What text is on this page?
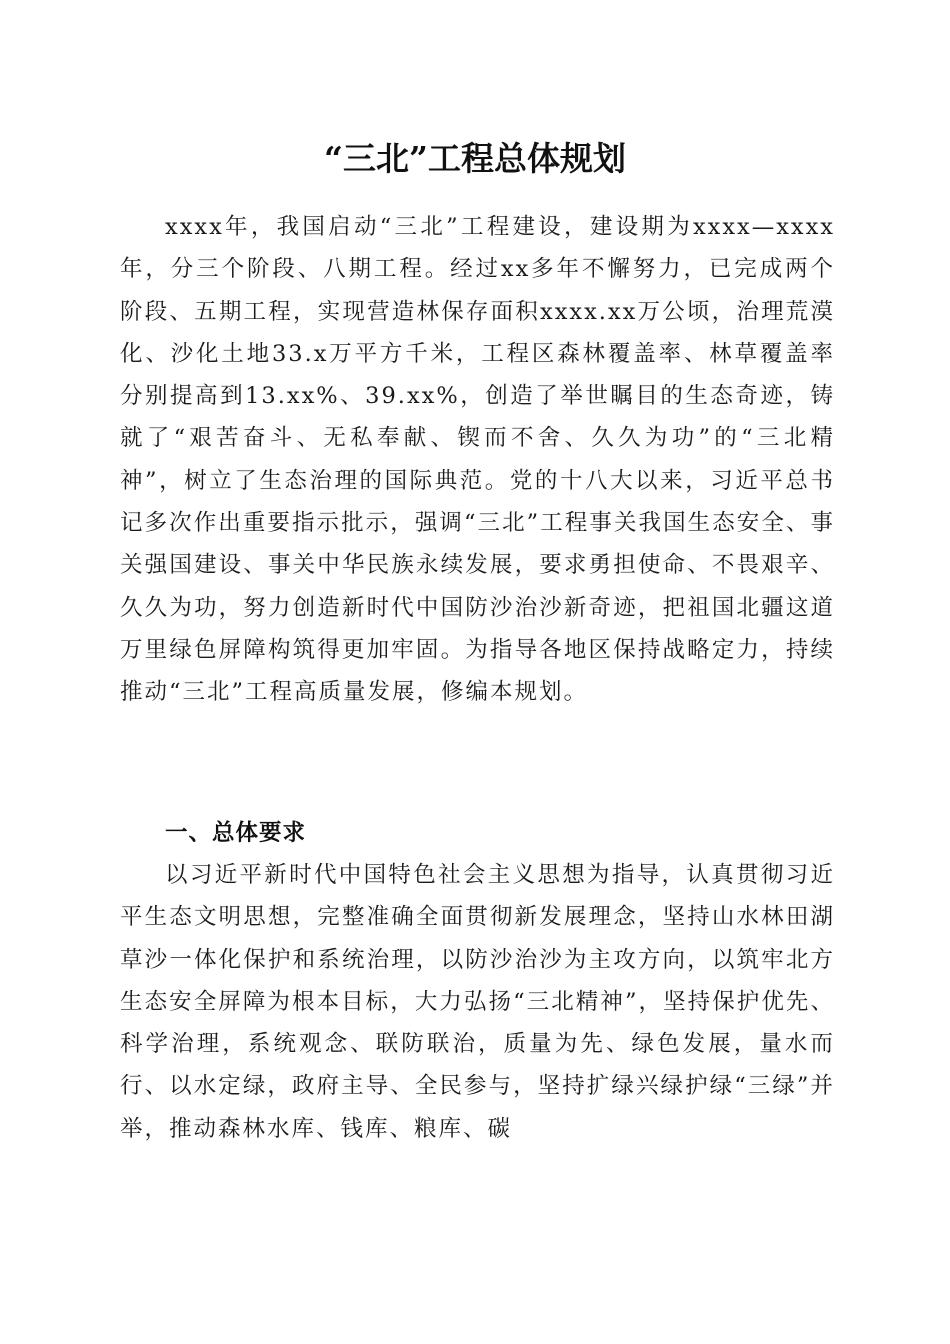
“三北”工程总体规划

xxxx年，我国启动“三北”工程建设，建设期为xxxx—xxxx年，分三个阶段、八期工程。经过xx多年不懈努力，已完成两个阶段、五期工程，实现营造林保存面积xxxx.xx万公顷，治理荒漠化、沙化土地33.x万平方千米，工程区森林覆盖率、林草覆盖率分别提高到13.xx%、39.xx%，创造了举世瞩目的生态奇迹，铸就了“艰苦奋斗、无私奉献、锲而不舍、久久为功”的“三北精神”，树立了生态治理的国际典范。党的十八大以来，习近平总书记多次作出重要指示批示，强调“三北”工程事关我国生态安全、事关强国建设、事关中华民族永续发展，要求勇担使命、不畏艰辛、久久为功，努力创造新时代中国防沙治沙新奇迹，把祖国北疆这道万里绿色屏障构筑得更加牢固。为指导各地区保持战略定力，持续推动“三北”工程高质量发展，修编本规划。

一、总体要求

以习近平新时代中国特色社会主义思想为指导，认真贯彻习近平生态文明思想，完整准确全面贯彻新发展理念，坚持山水林田湖草沙一体化保护和系统治理，以防沙治沙为主攻方向，以筑牢北方生态安全屏障为根本目标，大力弘扬“三北精神”，坚持保护优先、科学治理，系统观念、联防联治，质量为先、绿色发展，量水而行、以水定绿，政府主导、全民参与，坚持扩绿兴绿护绿“三绿”并举，推动森林水库、钱库、粮库、碳
